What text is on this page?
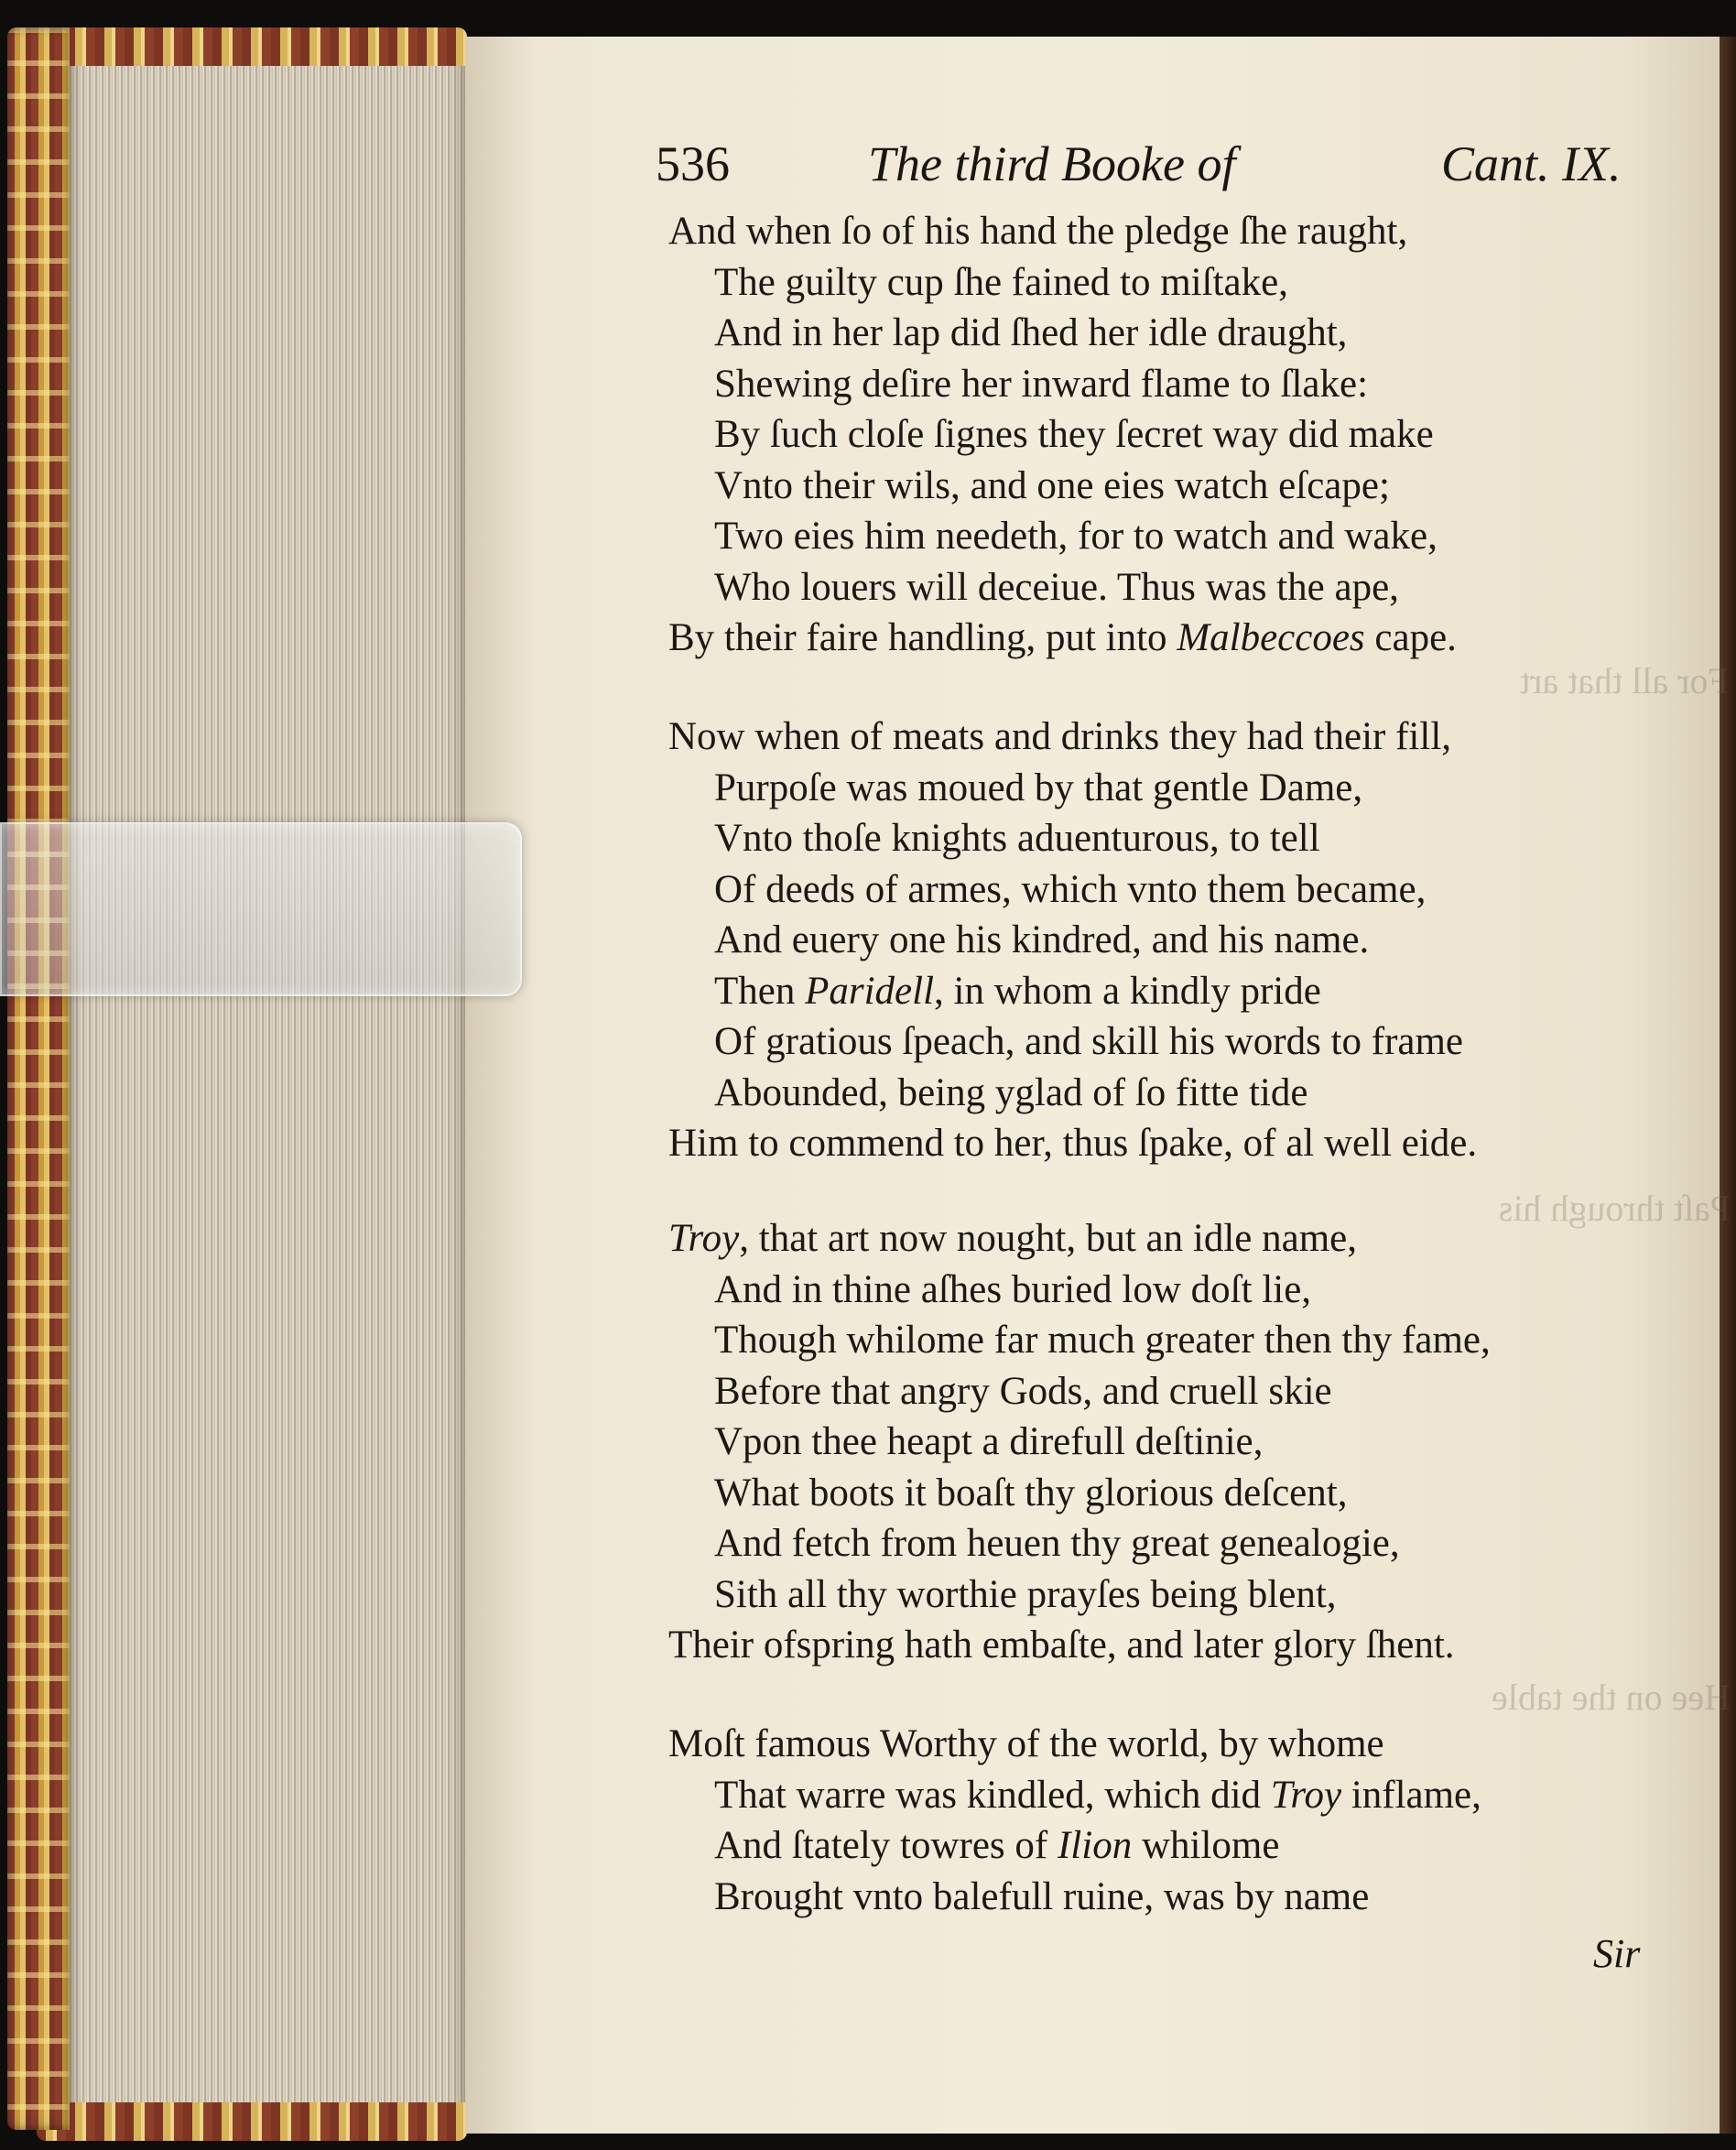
For all that art
Paſt through his
Hee on the table
536	The third Booke of	Cant. IX.
And when ſo of his hand the pledge ſhe raught,
The guilty cup ſhe fained to miſtake,
And in her lap did ſhed her idle draught,
Shewing deſire her inward flame to ſlake:
By ſuch cloſe ſignes they ſecret way did make
Vnto their wils, and one eies watch eſcape;
Two eies him needeth, for to watch and wake,
Who louers will deceiue. Thus was the ape,
By their faire handling, put into Malbeccoes cape.
Now when of meats and drinks they had their fill,
Purpoſe was moued by that gentle Dame,
Vnto thoſe knights aduenturous, to tell
Of deeds of armes, which vnto them became,
And euery one his kindred, and his name.
Then Paridell, in whom a kindly pride
Of gratious ſpeach, and skill his words to frame
Abounded, being yglad of ſo fitte tide
Him to commend to her, thus ſpake, of al well eide.
Troy, that art now nought, but an idle name,
And in thine aſhes buried low doſt lie,
Though whilome far much greater then thy fame,
Before that angry Gods, and cruell skie
Vpon thee heapt a direfull deſtinie,
What boots it boaſt thy glorious deſcent,
And fetch from heuen thy great genealogie,
Sith all thy worthie prayſes being blent,
Their ofspring hath embaſte, and later glory ſhent.
Moſt famous Worthy of the world, by whome
That warre was kindled, which did Troy inflame,
And ſtately towres of Ilion whilome
Brought vnto balefull ruine, was by name
Sir
